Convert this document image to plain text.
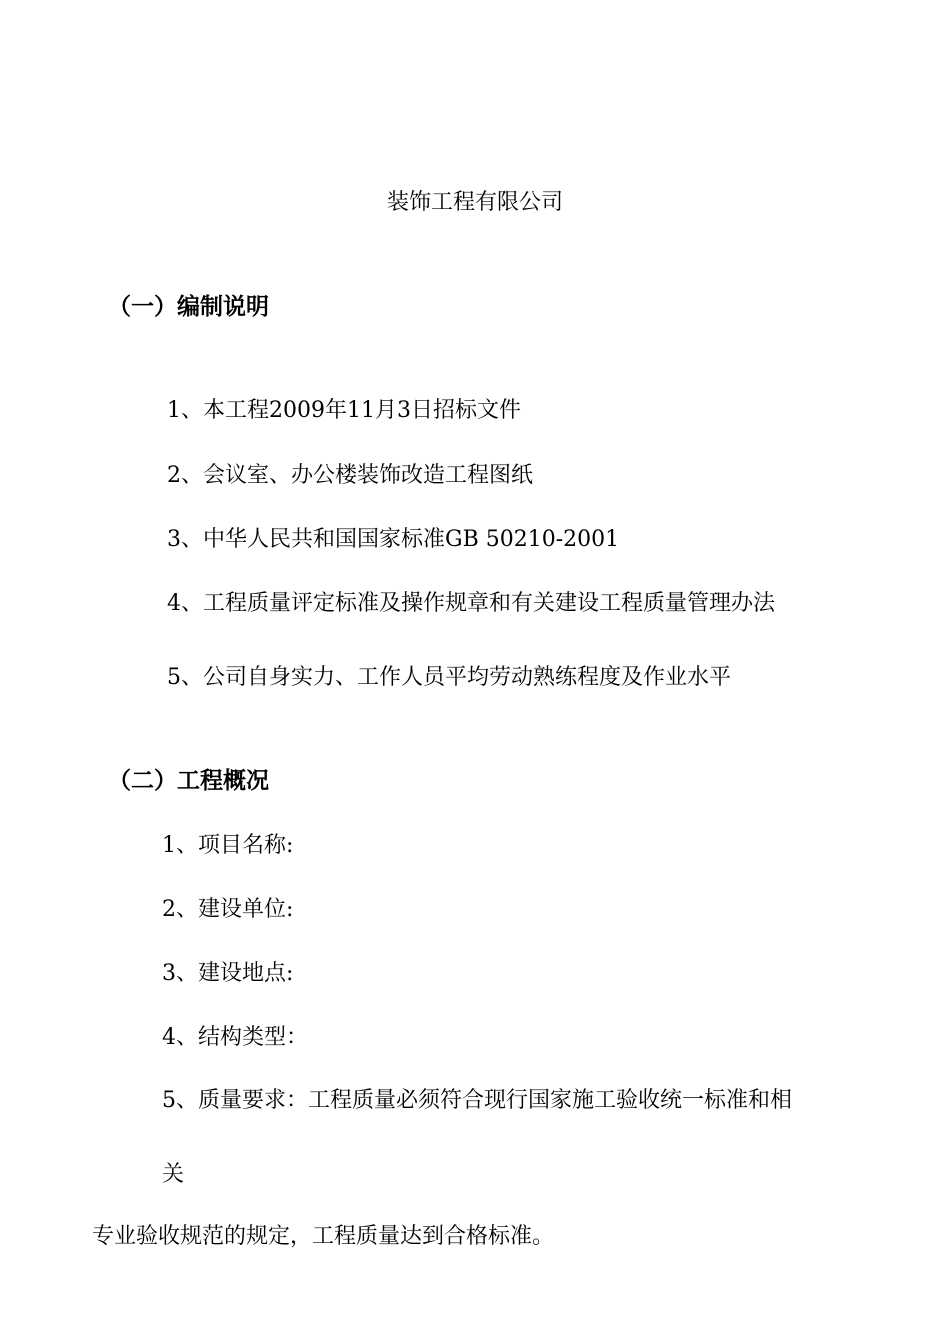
装饰工程有限公司
（一）编制说明
1、本工程2009年11月3日招标文件
2、会议室、办公楼装饰改造工程图纸
3、中华人民共和国国家标准GB 50210-2001
4、工程质量评定标准及操作规章和有关建设工程质量管理办法
5、公司自身实力、工作人员平均劳动熟练程度及作业水平
（二）工程概况
1、项目名称:
2、建设单位:
3、建设地点:
4、结构类型：
5、质量要求：工程质量必须符合现行国家施工验收统一标准和相
关
专业验收规范的规定，工程质量达到合格标准。
